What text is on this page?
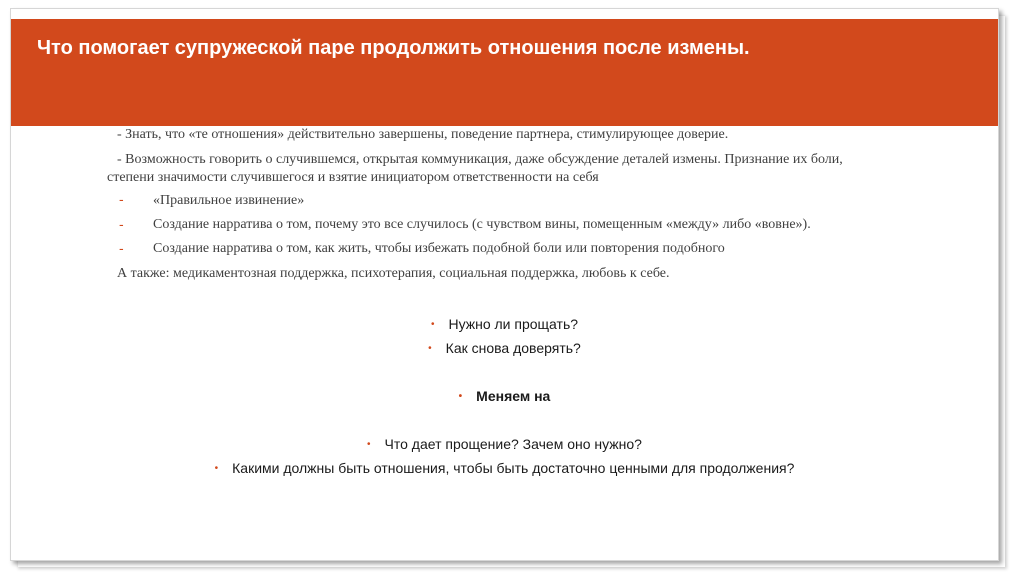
Что помогает супружеской паре продолжить отношения после измены.
- Знать, что «те отношения» действительно завершены, поведение партнера, стимулирующее доверие.
- Возможность говорить о случившемся, открытая коммуникация, даже обсуждение деталей измены. Признание их боли,
степени значимости случившегося и взятие инициатором ответственности на себя
- «Правильное извинение»
- Создание нарратива о том, почему это все случилось (с чувством вины, помещенным «между» либо «вовне»).
- Создание нарратива о том, как жить, чтобы избежать подобной боли или повторения подобного
А также: медикаментозная поддержка, психотерапия, социальная поддержка, любовь к себе.
• Нужно ли прощать?
• Как снова доверять?
• Меняем на
• Что дает прощение? Зачем оно нужно?
• Какими должны быть отношения, чтобы быть достаточно ценными для продолжения?
